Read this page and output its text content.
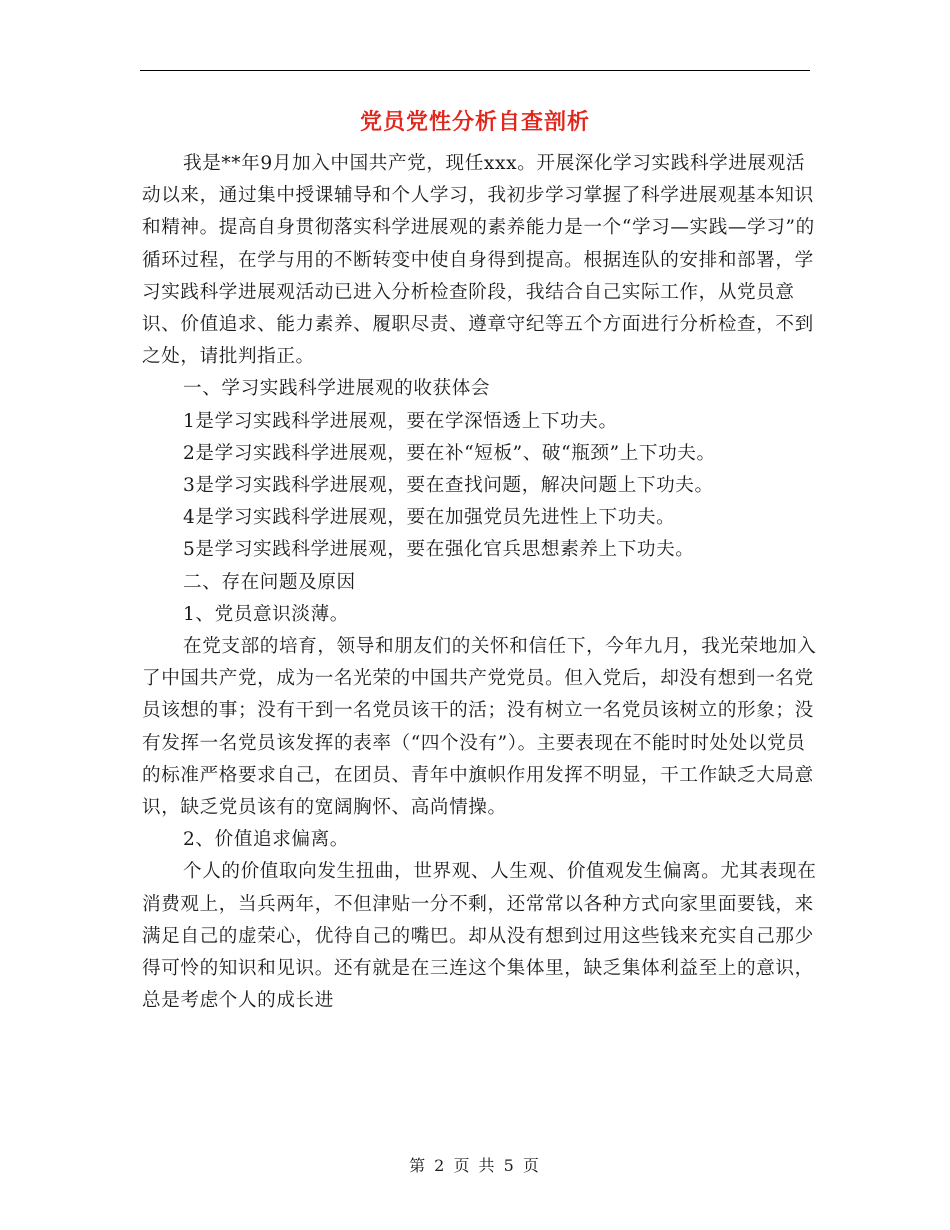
党员党性分析自查剖析

我是**年9月加入中国共产党，现任xxx。开展深化学习实践科学进展观活动以来，通过集中授课辅导和个人学习，我初步学习掌握了科学进展观基本知识和精神。提高自身贯彻落实科学进展观的素养能力是一个“学习—实践—学习”的循环过程，在学与用的不断转变中使自身得到提高。根据连队的安排和部署，学习实践科学进展观活动已进入分析检查阶段，我结合自己实际工作，从党员意识、价值追求、能力素养、履职尽责、遵章守纪等五个方面进行分析检查，不到之处，请批判指正。

一、学习实践科学进展观的收获体会

1是学习实践科学进展观，要在学深悟透上下功夫。

2是学习实践科学进展观，要在补“短板”、破“瓶颈”上下功夫。

3是学习实践科学进展观，要在查找问题，解决问题上下功夫。

4是学习实践科学进展观，要在加强党员先进性上下功夫。

5是学习实践科学进展观，要在强化官兵思想素养上下功夫。

二、存在问题及原因

1、党员意识淡薄。

在党支部的培育，领导和朋友们的关怀和信任下，今年九月，我光荣地加入了中国共产党，成为一名光荣的中国共产党党员。但入党后，却没有想到一名党员该想的事；没有干到一名党员该干的活；没有树立一名党员该树立的形象；没有发挥一名党员该发挥的表率（“四个没有”）。主要表现在不能时时处处以党员的标准严格要求自己，在团员、青年中旗帜作用发挥不明显，干工作缺乏大局意识，缺乏党员该有的宽阔胸怀、高尚情操。

2、价值追求偏离。

个人的价值取向发生扭曲，世界观、人生观、价值观发生偏离。尤其表现在消费观上，当兵两年，不但津贴一分不剩，还常常以各种方式向家里面要钱，来满足自己的虚荣心，优待自己的嘴巴。却从没有想到过用这些钱来充实自己那少得可怜的知识和见识。还有就是在三连这个集体里，缺乏集体利益至上的意识，总是考虑个人的成长进

第 2 页 共 5 页
